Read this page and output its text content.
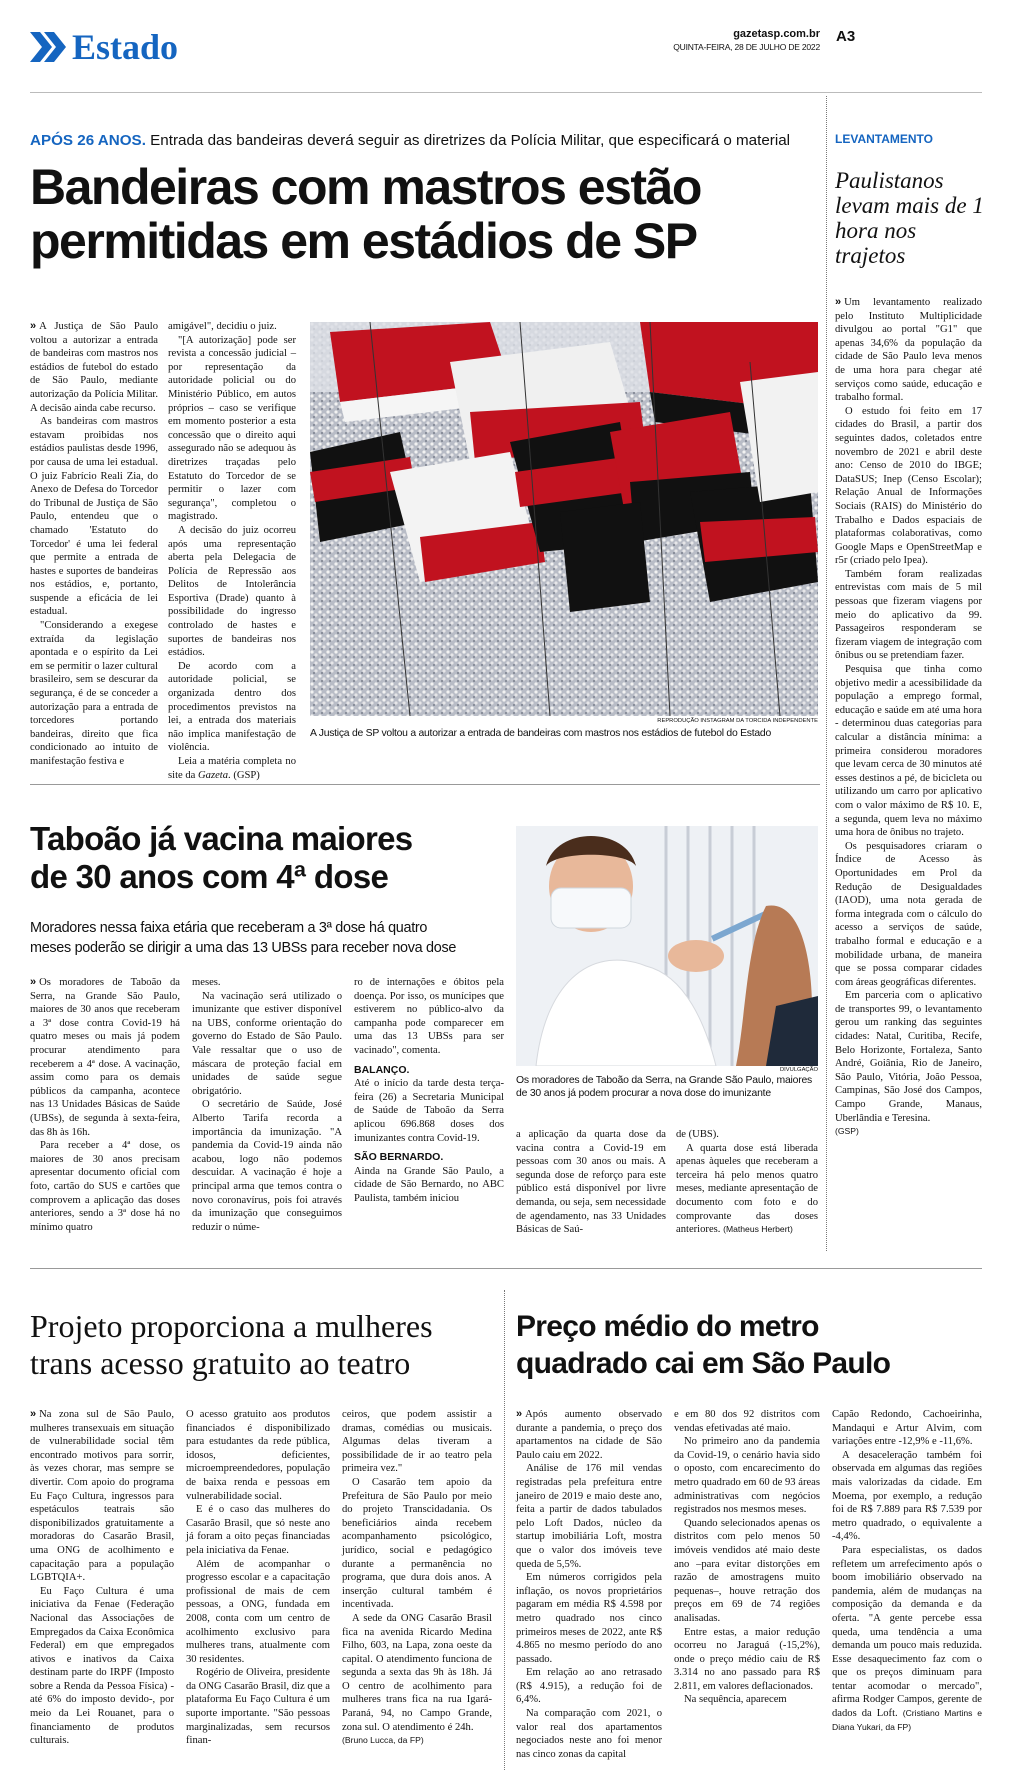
Estado	gazetasp.com.br
QUINTA-FEIRA, 28 DE JULHO DE 2022
A3
APÓS 26 ANOS. Entrada das bandeiras deverá seguir as diretrizes da Polícia Militar, que especificará o material
Bandeiras com mastros estão
permitidas em estádios de SP

» A Justiça de São Paulo voltou a autorizar a entrada de bandeiras com mastros nos estádios de futebol do estado de São Paulo, mediante autorização da Polícia Militar. A decisão ainda cabe recurso.

As bandeiras com mastros estavam proibidas nos estádios paulistas desde 1996, por causa de uma lei estadual. O juiz Fabrício Reali Zia, do Anexo de Defesa do Torcedor do Tribunal de Justiça de São Paulo, entendeu que o chamado 'Estatuto do Torcedor' é uma lei federal que permite a entrada de hastes e suportes de bandeiras nos estádios, e, portanto, suspende a eficácia de lei estadual.

"Considerando a exegese extraída da legislação apontada e o espírito da Lei em se permitir o lazer cultural brasileiro, sem se descurar da segurança, é de se conceder a autorização para a entrada de torcedores portando bandeiras, direito que fica condicionado ao intuito de manifestação festiva e

amigável", decidiu o juiz.

"[A autorização] pode ser revista a concessão judicial – por representação da autoridade policial ou do Ministério Público, em autos próprios – caso se verifique em momento posterior a esta concessão que o direito aqui assegurado não se adequou às diretrizes traçadas pelo Estatuto do Torcedor de se permitir o lazer com segurança", completou o magistrado.

A decisão do juiz ocorreu após uma representação aberta pela Delegacia de Polícia de Repressão aos Delitos de Intolerância Esportiva (Drade) quanto à possibilidade do ingresso controlado de hastes e suportes de bandeiras nos estádios.

De acordo com a autoridade policial, se organizada dentro dos procedimentos previstos na lei, a entrada dos materiais não implica manifestação de violência.

Leia a matéria completa no site da Gazeta. (GSP)

REPRODUÇÃO INSTAGRAM DA TORCIDA INDEPENDENTE
A Justiça de SP voltou a autorizar a entrada de bandeiras com mastros nos estádios de futebol do Estado
LEVANTAMENTO
Paulistanos levam mais de 1 hora nos trajetos

» Um levantamento realizado pelo Instituto Multiplicidade divulgou ao portal "G1" que apenas 34,6% da população da cidade de São Paulo leva menos de uma hora para chegar até serviços como saúde, educação e trabalho formal.

O estudo foi feito em 17 cidades do Brasil, a partir dos seguintes dados, coletados entre novembro de 2021 e abril deste ano: Censo de 2010 do IBGE; DataSUS; Inep (Censo Escolar); Relação Anual de Informações Sociais (RAIS) do Ministério do Trabalho e Dados espaciais de plataformas colaborativas, como Google Maps e OpenStreetMap e r5r (criado pelo Ipea).

Também foram realizadas entrevistas com mais de 5 mil pessoas que fizeram viagens por meio do aplicativo da 99. Passageiros responderam se fizeram viagem de integração com ônibus ou se pretendiam fazer.

Pesquisa que tinha como objetivo medir a acessibilidade da população a emprego formal, educação e saúde em até uma hora - determinou duas categorias para calcular a distância mínima: a primeira considerou moradores que levam cerca de 30 minutos até esses destinos a pé, de bicicleta ou utilizando um carro por aplicativo com o valor máximo de R$ 10. E, a segunda, quem leva no máximo uma hora de ônibus no trajeto.

Os pesquisadores criaram o Índice de Acesso às Oportunidades em Prol da Redução de Desigualdades (IAOD), uma nota gerada de forma integrada com o cálculo do acesso a serviços de saúde, trabalho formal e educação e a mobilidade urbana, de maneira que se possa comparar cidades com áreas geográficas diferentes.

Em parceria com o aplicativo de transportes 99, o levantamento gerou um ranking das seguintes cidades: Natal, Curitiba, Recife, Belo Horizonte, Fortaleza, Santo André, Goiânia, Rio de Janeiro, São Paulo, Vitória, João Pessoa, Campinas, São José dos Campos, Campo Grande, Manaus, Uberlândia e Teresina.

(GSP)

Taboão já vacina maiores
de 30 anos com 4ª dose
Moradores nessa faixa etária que receberam a 3ª dose há quatro
meses poderão se dirigir a uma das 13 UBSs para receber nova dose

» Os moradores de Taboão da Serra, na Grande São Paulo, maiores de 30 anos que receberam a 3ª dose contra Covid-19 há quatro meses ou mais já podem procurar atendimento para receberem a 4ª dose. A vacinação, assim como para os demais públicos da campanha, acontece nas 13 Unidades Básicas de Saúde (UBSs), de segunda à sexta-feira, das 8h às 16h.

Para receber a 4ª dose, os maiores de 30 anos precisam apresentar documento oficial com foto, cartão do SUS e cartões que comprovem a aplicação das doses anteriores, sendo a 3ª dose há no mínimo quatro

meses.

Na vacinação será utilizado o imunizante que estiver disponível na UBS, conforme orientação do governo do Estado de São Paulo. Vale ressaltar que o uso de máscara de proteção facial em unidades de saúde segue obrigatório.

O secretário de Saúde, José Alberto Tarifa recorda a importância da imunização. "A pandemia da Covid-19 ainda não acabou, logo não podemos descuidar. A vacinação é hoje a principal arma que temos contra o novo coronavírus, pois foi através da imunização que conseguimos reduzir o núme-

ro de internações e óbitos pela doença. Por isso, os munícipes que estiverem no público-alvo da campanha pode comparecer em uma das 13 UBSs para ser vacinado", comenta.

BALANÇO.

Até o início da tarde desta terça-feira (26) a Secretaria Municipal de Saúde de Taboão da Serra aplicou 696.868 doses dos imunizantes contra Covid-19.

SÃO BERNARDO.

Ainda na Grande São Paulo, a cidade de São Bernardo, no ABC Paulista, também iniciou

DIVULGAÇÃO
Os moradores de Taboão da Serra, na Grande São Paulo, maiores de 30 anos já podem procurar a nova dose do imunizante

a aplicação da quarta dose da vacina contra a Covid-19 em pessoas com 30 anos ou mais. A segunda dose de reforço para este público está disponível por livre demanda, ou seja, sem necessidade de agendamento, nas 33 Unidades Básicas de Saú-

de (UBS).

A quarta dose está liberada apenas àqueles que receberam a terceira há pelo menos quatro meses, mediante apresentação de documento com foto e do comprovante das doses anteriores. (Matheus Herbert)

Projeto proporciona a mulheres
trans acesso gratuito ao teatro

» Na zona sul de São Paulo, mulheres transexuais em situação de vulnerabilidade social têm encontrado motivos para sorrir, às vezes chorar, mas sempre se divertir. Com apoio do programa Eu Faço Cultura, ingressos para espetáculos teatrais são disponibilizados gratuitamente a moradoras do Casarão Brasil, uma ONG de acolhimento e capacitação para a população LGBTQIA+.

Eu Faço Cultura é uma iniciativa da Fenae (Federação Nacional das Associações de Empregados da Caixa Econômica Federal) em que empregados ativos e inativos da Caixa destinam parte do IRPF (Imposto sobre a Renda da Pessoa Física) -até 6% do imposto devido-, por meio da Lei Rouanet, para o financiamento de produtos culturais.

O acesso gratuito aos produtos financiados é disponibilizado para estudantes da rede pública, idosos, deficientes, microempreendedores, população de baixa renda e pessoas em vulnerabilidade social.

E é o caso das mulheres do Casarão Brasil, que só neste ano já foram a oito peças financiadas pela iniciativa da Fenae.

Além de acompanhar o progresso escolar e a capacitação profissional de mais de cem pessoas, a ONG, fundada em 2008, conta com um centro de acolhimento exclusivo para mulheres trans, atualmente com 30 residentes.

Rogério de Oliveira, presidente da ONG Casarão Brasil, diz que a plataforma Eu Faço Cultura é um suporte importante. "São pessoas marginalizadas, sem recursos finan-

ceiros, que podem assistir a dramas, comédias ou musicais. Algumas delas tiveram a possibilidade de ir ao teatro pela primeira vez."

O Casarão tem apoio da Prefeitura de São Paulo por meio do projeto Transcidadania. Os beneficiários ainda recebem acompanhamento psicológico, jurídico, social e pedagógico durante a permanência no programa, que dura dois anos. A inserção cultural também é incentivada.

A sede da ONG Casarão Brasil fica na avenida Ricardo Medina Filho, 603, na Lapa, zona oeste da capital. O atendimento funciona de segunda a sexta das 9h às 18h. Já O centro de acolhimento para mulheres trans fica na rua Igará-Paraná, 94, no Campo Grande, zona sul. O atendimento é 24h.

(Bruno Lucca, da FP)

Preço médio do metro
quadrado cai em São Paulo

» Após aumento observado durante a pandemia, o preço dos apartamentos na cidade de São Paulo caiu em 2022.

Análise de 176 mil vendas registradas pela prefeitura entre janeiro de 2019 e maio deste ano, feita a partir de dados tabulados pelo Loft Dados, núcleo da startup imobiliária Loft, mostra que o valor dos imóveis teve queda de 5,5%.

Em números corrigidos pela inflação, os novos proprietários pagaram em média R$ 4.598 por metro quadrado nos cinco primeiros meses de 2022, ante R$ 4.865 no mesmo período do ano passado.

Em relação ao ano retrasado (R$ 4.915), a redução foi de 6,4%.

Na comparação com 2021, o valor real dos apartamentos negociados neste ano foi menor nas cinco zonas da capital

e em 80 dos 92 distritos com vendas efetivadas até maio.

No primeiro ano da pandemia da Covid-19, o cenário havia sido o oposto, com encarecimento do metro quadrado em 60 de 93 áreas administrativas com negócios registrados nos mesmos meses.

Quando selecionados apenas os distritos com pelo menos 50 imóveis vendidos até maio deste ano –para evitar distorções em razão de amostragens muito pequenas–, houve retração dos preços em 69 de 74 regiões analisadas.

Entre estas, a maior redução ocorreu no Jaraguá (-15,2%), onde o preço médio caiu de R$ 3.314 no ano passado para R$ 2.811, em valores deflacionados.

Na sequência, aparecem

Capão Redondo, Cachoeirinha, Mandaqui e Artur Alvim, com variações entre -12,9% e -11,6%.

A desaceleração também foi observada em algumas das regiões mais valorizadas da cidade. Em Moema, por exemplo, a redução foi de R$ 7.889 para R$ 7.539 por metro quadrado, o equivalente a -4,4%.

Para especialistas, os dados refletem um arrefecimento após o boom imobiliário observado na pandemia, além de mudanças na composição da demanda e da oferta. "A gente percebe essa queda, uma tendência a uma demanda um pouco mais reduzida. Esse desaquecimento faz com o que os preços diminuam para tentar acomodar o mercado", afirma Rodger Campos, gerente de dados da Loft. (Cristiano Martins e Diana Yukari, da FP)
